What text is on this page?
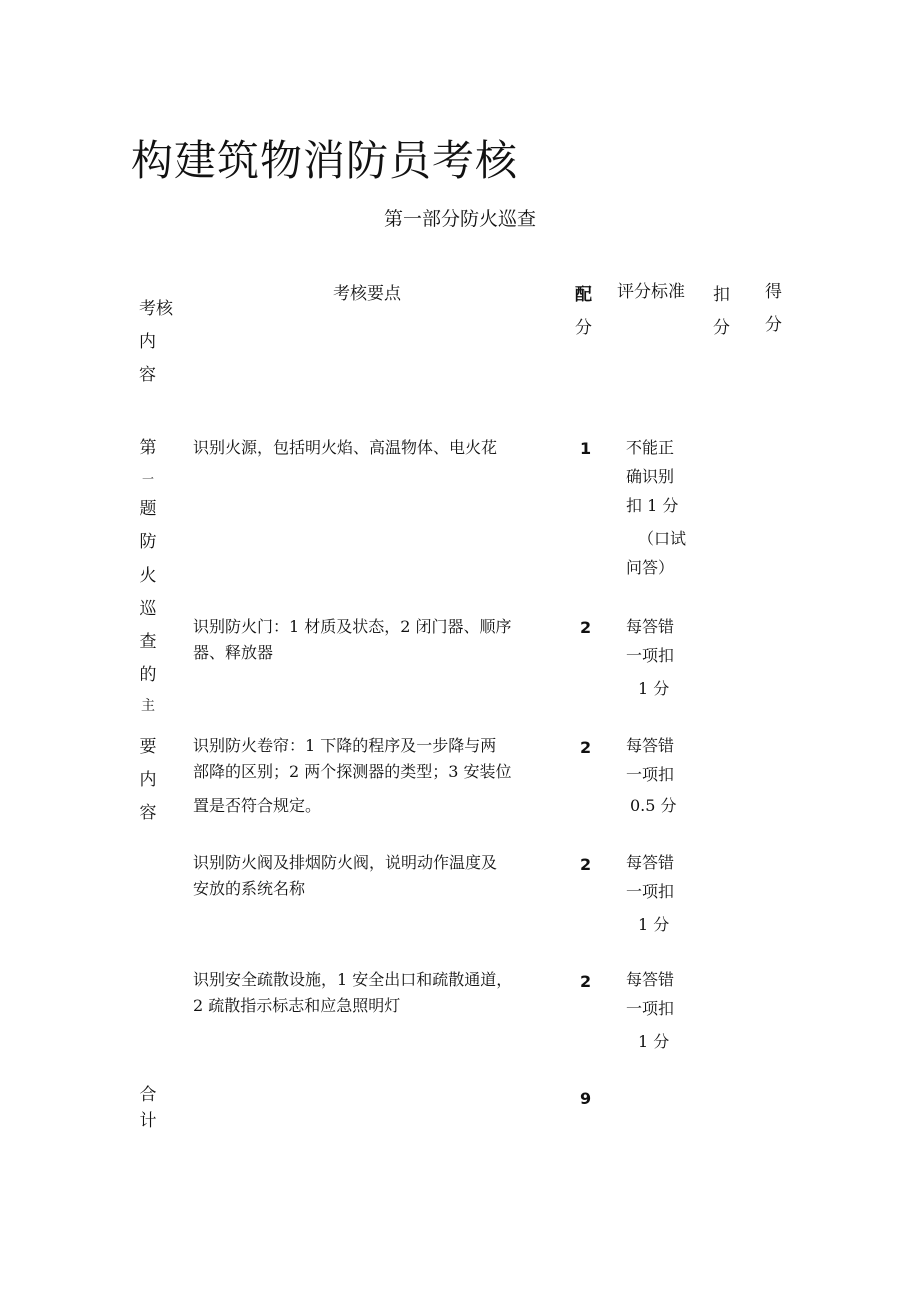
构建筑物消防员考核
第一部分防火巡查
考核
内
容
考核要点	配
分
评分标准 扣
分
得
分
第
一
题
防
火
巡
查
的
主
要
内
容
识别火源，包括明火焰、高温物体、电火花	1 不能正
确识别
扣 1 分
（口试
问答）
识别防火门：1 材质及状态，2 闭门器、顺序
器、释放器
2 每答错
一项扣
1 分
识别防火卷帘：1 下降的程序及一步降与两
部降的区别；2 两个探测器的类型；3 安装位
置是否符合规定。
2 每答错
一项扣
0.5 分
识别防火阀及排烟防火阀，说明动作温度及
安放的系统名称
2 每答错
一项扣
1 分
识别安全疏散设施，1 安全出口和疏散通道，
2 疏散指示标志和应急照明灯
2 每答错
一项扣
1 分
合
计
9
